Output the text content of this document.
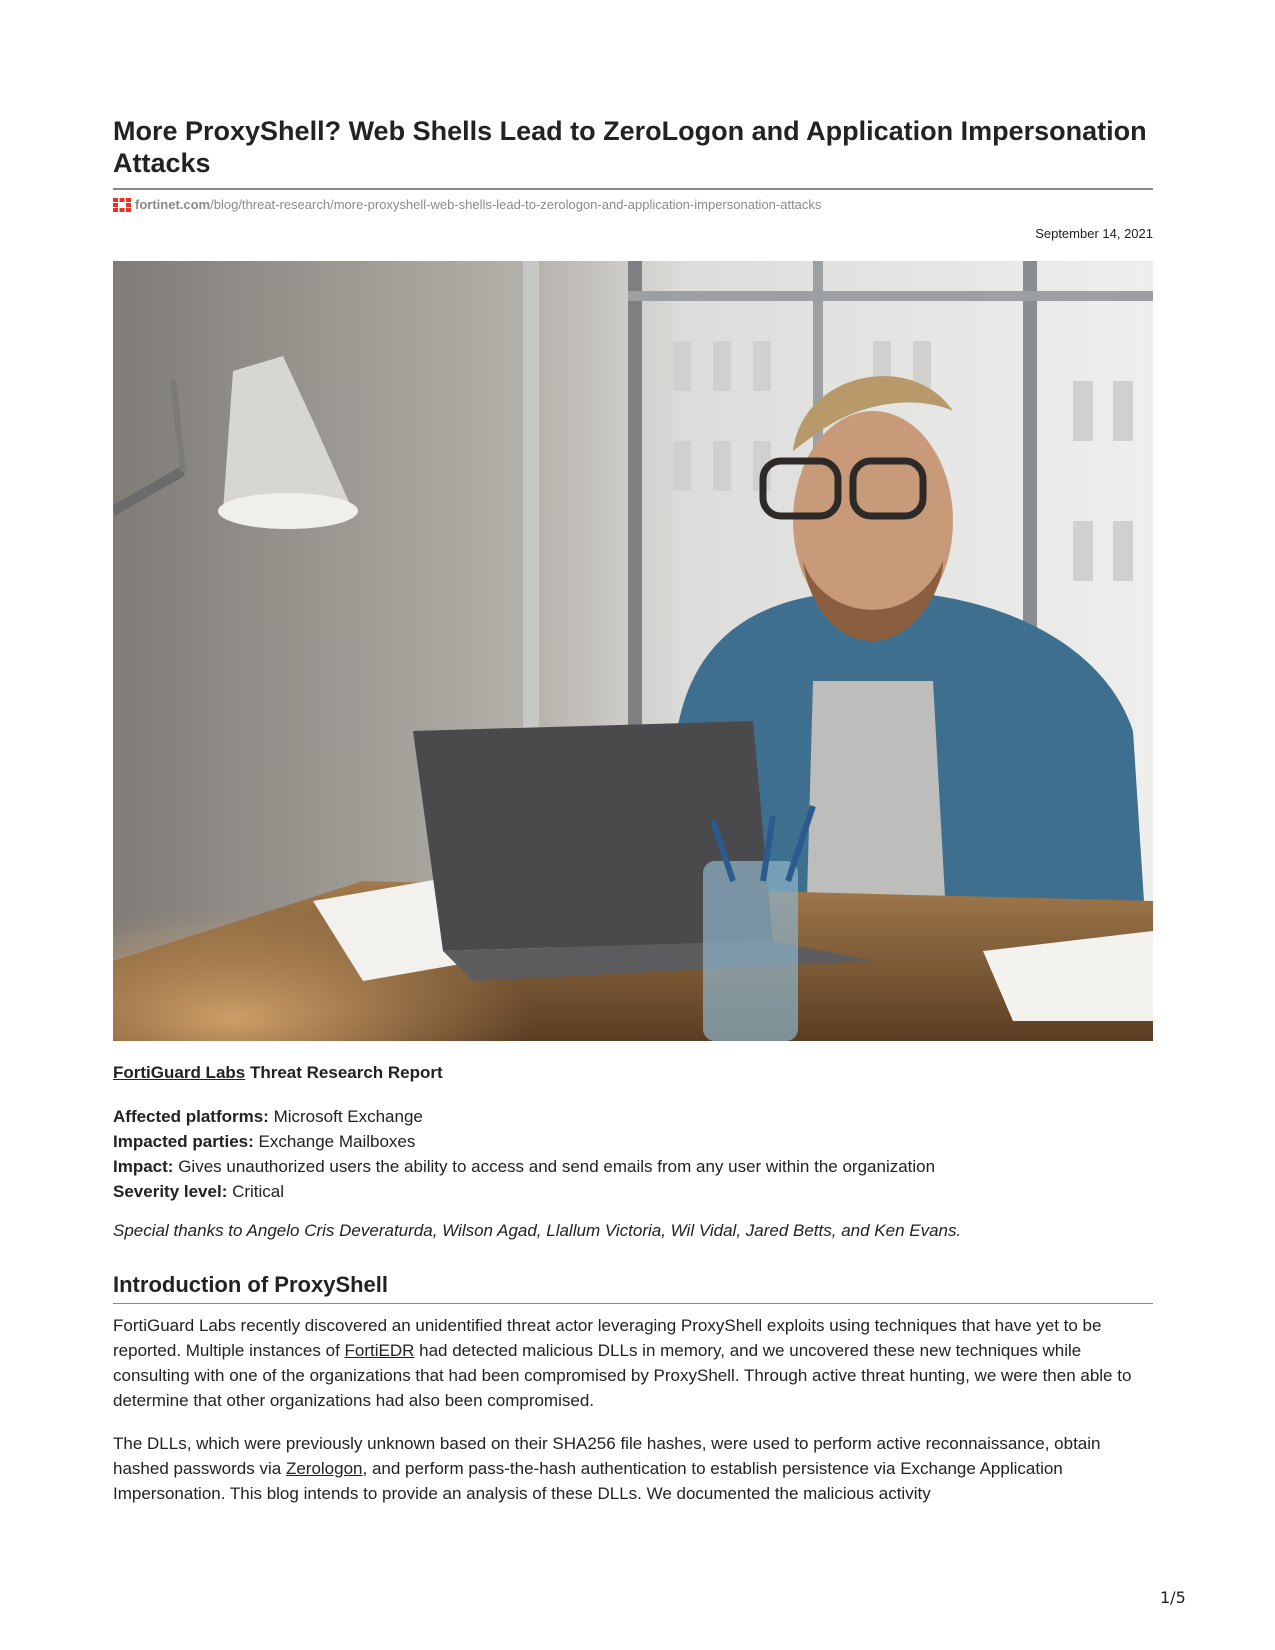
More ProxyShell? Web Shells Lead to ZeroLogon and Application Impersonation Attacks
fortinet.com /blog/threat-research/more-proxyshell-web-shells-lead-to-zerologon-and-application-impersonation-attacks
September 14, 2021
FortiGuard Labs Threat Research Report
Affected platforms: Microsoft Exchange
Impacted parties: Exchange Mailboxes
Impact: Gives unauthorized users the ability to access and send emails from any user within the organization
Severity level: Critical
Special thanks to Angelo Cris Deveraturda, Wilson Agad, Llallum Victoria, Wil Vidal, Jared Betts, and Ken Evans.
Introduction of ProxyShell

FortiGuard Labs recently discovered an unidentified threat actor leveraging ProxyShell exploits using techniques that have yet to be reported. Multiple instances of FortiEDR had detected malicious DLLs in memory, and we uncovered these new techniques while consulting with one of the organizations that had been compromised by ProxyShell. Through active threat hunting, we were then able to determine that other organizations had also been compromised.

The DLLs, which were previously unknown based on their SHA256 file hashes, were used to perform active reconnaissance, obtain hashed passwords via Zerologon, and perform pass-the-hash authentication to establish persistence via Exchange Application Impersonation. This blog intends to provide an analysis of these DLLs. We documented the malicious activity

1/5
